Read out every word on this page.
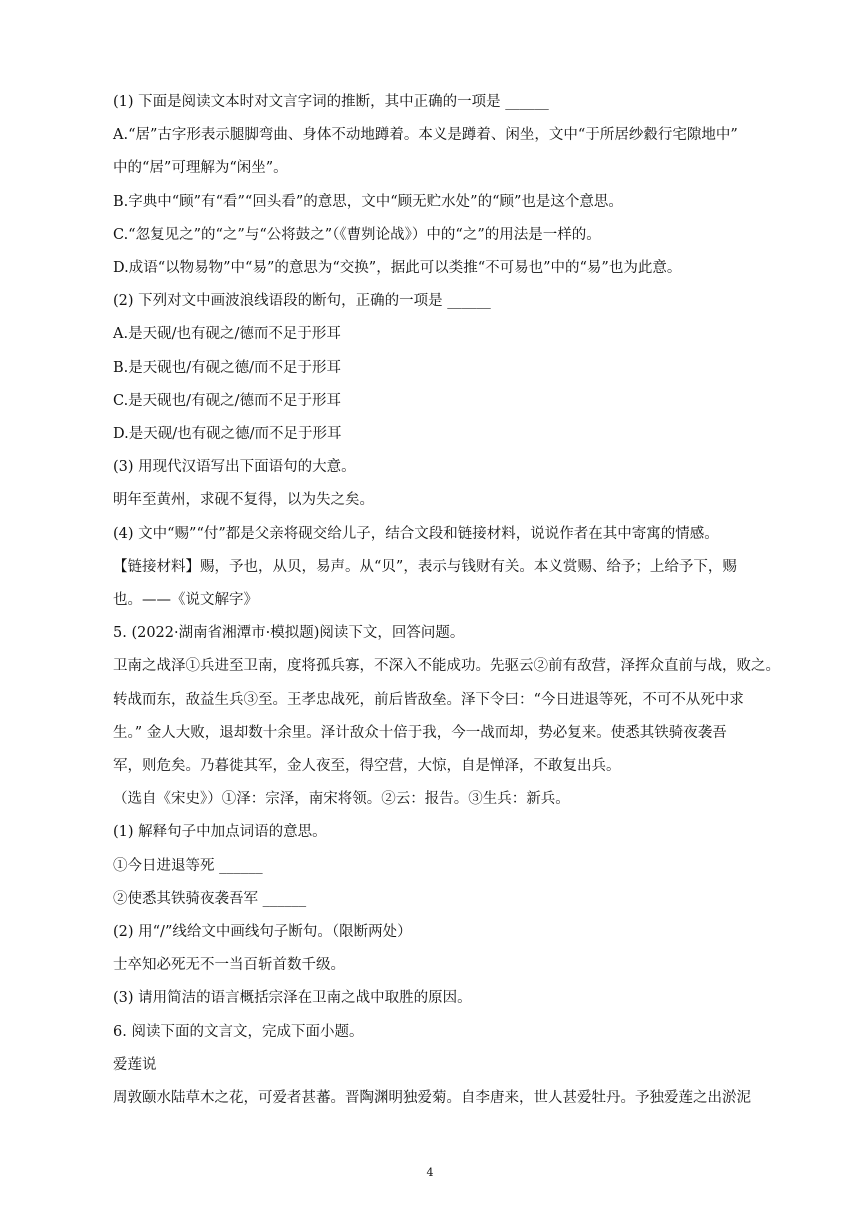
(1) 下面是阅读文本时对文言字词的推断，其中正确的一项是 ______
A.“居”古字形表示腿脚弯曲、身体不动地蹲着。本义是蹲着、闲坐，文中“于所居纱縠行宅隙地中”
中的“居”可理解为“闲坐”。
B.字典中“顾”有“看”“回头看”的意思，文中“顾无贮水处”的“顾”也是这个意思。
C.“忽复见之”的“之”与“公将鼓之”（《曹刿论战》）中的“之”的用法是一样的。
D.成语“以物易物”中“易”的意思为“交换”，据此可以类推“不可易也”中的“易”也为此意。
(2) 下列对文中画波浪线语段的断句，正确的一项是 ______
A.是天砚/也有砚之/德而不足于形耳
B.是天砚也/有砚之德/而不足于形耳
C.是天砚也/有砚之/德而不足于形耳
D.是天砚/也有砚之德/而不足于形耳
(3) 用现代汉语写出下面语句的大意。
明年至黄州，求砚不复得，以为失之矣。
(4) 文中“赐”“付”都是父亲将砚交给儿子，结合文段和链接材料，说说作者在其中寄寓的情感。
【链接材料】赐，予也，从贝，易声。从“贝”，表示与钱财有关。本义赏赐、给予；上给予下，赐
也。——《说文解字》
5. (2022·湖南省湘潭市·模拟题)阅读下文，回答问题。
卫南之战泽①兵进至卫南，度将孤兵寡，不深入不能成功。先驱云②前有敌营，泽挥众直前与战，败之。
转战而东，敌益生兵③至。王孝忠战死，前后皆敌垒。泽下令曰：“今日进退等死，不可不从死中求
生。” 金人大败，退却数十余里。泽计敌众十倍于我，今一战而却，势必复来。使悉其铁骑夜袭吾
军，则危矣。乃暮徙其军，金人夜至，得空营，大惊，自是惮泽，不敢复出兵。
（选自《宋史》）①泽：宗泽，南宋将领。②云：报告。③生兵：新兵。
(1) 解释句子中加点词语的意思。
①今日进退等死 ______
②使悉其铁骑夜袭吾军 ______
(2) 用“/”线给文中画线句子断句。（限断两处）
士卒知必死无不一当百斩首数千级。
(3) 请用简洁的语言概括宗泽在卫南之战中取胜的原因。
6. 阅读下面的文言文，完成下面小题。
爱莲说
周敦颐水陆草木之花，可爱者甚蕃。晋陶渊明独爱菊。自李唐来，世人甚爱牡丹。予独爱莲之出淤泥
4
